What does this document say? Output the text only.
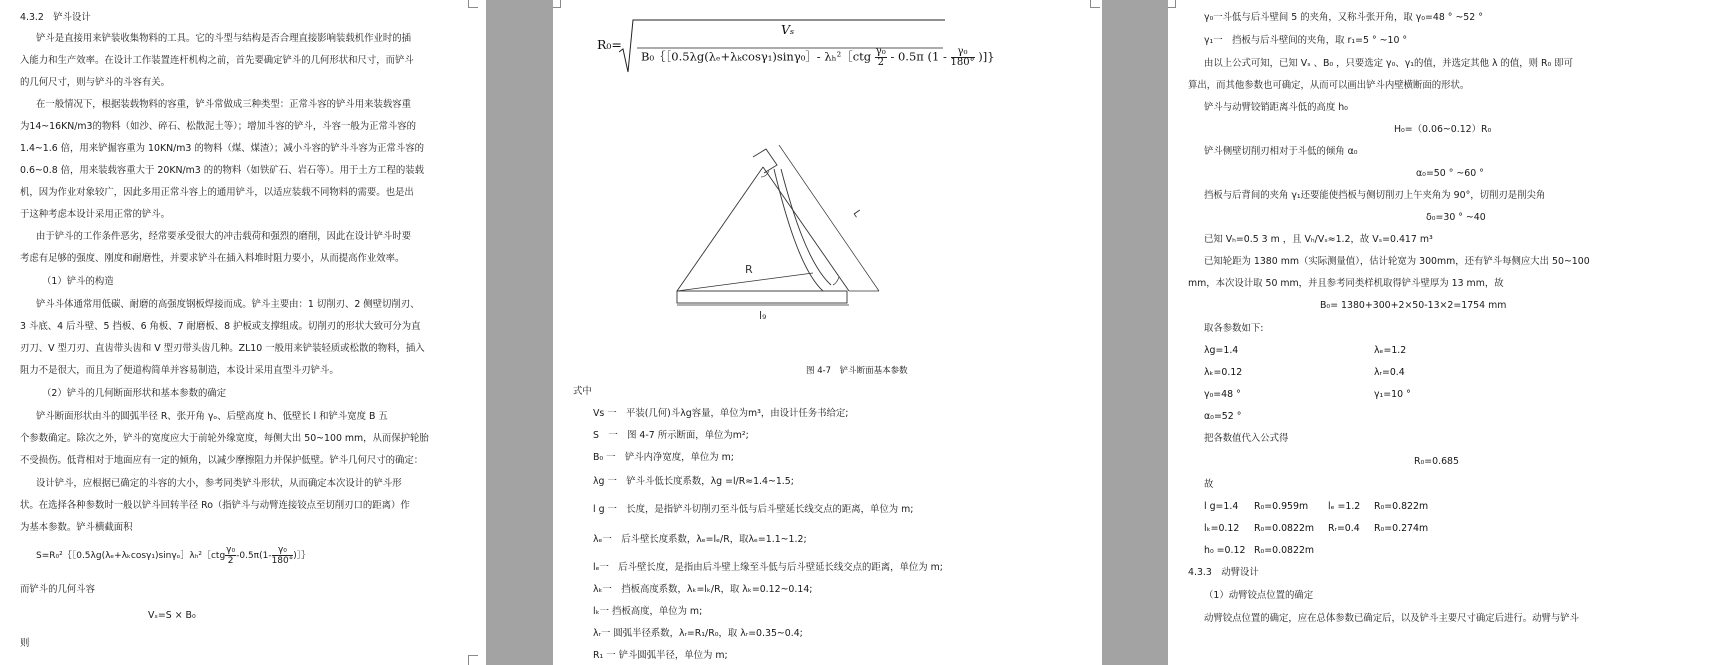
4.3.2　铲斗设计
铲斗是直接用来铲装收集物料的工具。它的斗型与结构是否合理直接影响装载机作业时的插
入能力和生产效率。在设计工作装置连杆机构之前，首先要确定铲斗的几何形状和尺寸，而铲斗
的几何尺寸，则与铲斗的斗容有关。
在一般情况下，根据装载物料的容重，铲斗常做成三种类型：正常斗容的铲斗用来装载容重
为14~16KN/m3的物料（如沙、碎石、松散泥土等）；增加斗容的铲斗，斗容一般为正常斗容的
1.4~1.6 倍，用来铲掘容重为 10KN/m3 的物料（煤、煤渣）；减小斗容的铲斗斗容为正常斗容的
0.6~0.8 倍，用来装载容重大于 20KN/m3 的的物料（如铁矿石、岩石等）。用于土方工程的装载
机，因为作业对象较广，因此多用正常斗容上的通用铲斗，以适应装载不同物料的需要。也是出
于这种考虑本设计采用正常的铲斗。
由于铲斗的工作条件恶劣，经常要承受很大的冲击载荷和强烈的磨削，因此在设计铲斗时要
考虑有足够的强度、刚度和耐磨性，并要求铲斗在插入料堆时阻力要小，从而提高作业效率。
（1）铲斗的构造
铲斗斗体通常用低碳、耐磨的高强度钢板焊接而成。铲斗主要由：1 切削刃、2 侧壁切削刃、
3 斗底、4 后斗壁、5 挡板、6 角板、7 耐磨板、8 护板或支撑组成。切削刃的形状大致可分为直
刃刀、V 型刀刃、直齿带头齿和 V 型刃带头齿几种。ZL10 一般用来铲装轻质或松散的物料，插入
阻力不是很大，而且为了便道构简单并容易制造，本设计采用直型斗刃铲斗。
（2）铲斗的几何断面形状和基本参数的确定
铲斗断面形状由斗的圆弧半径 R、张开角 γₒ、后壁高度 h、低壁长 l 和铲斗宽度 B 五
个参数确定。除次之外，铲斗的宽度应大于前轮外缘宽度，每侧大出 50~100 mm，从而保护轮胎
不受损伤。低背相对于地面应有一定的倾角，以减少摩擦阻力并保护低壁。铲斗几何尺寸的确定：
设计铲斗，应根据已确定的斗容的大小，参考同类铲斗形状，从而确定本次设计的铲斗形
状。在选择各种参数时一般以铲斗回转半径 Ro（指铲斗与动臂连接铰点至切削刃口的距离）作
为基本参数。铲斗横截面积
S=R₀²｛［0.5λg(λₑ+λₖcosγ₁)sinγₒ］λₕ²［ctg $\frac{\text{γ₀}}{2} -0.5\pi(1- \frac{\text{γ₀}}{180^\circ}$ )］｝
而铲斗的几何斗容
Vₛ=S × B₀
则
R₀=
Vₛ
B₀｛［0.5λg(λₑ+λₖcosγ₁)sinγ₀］- λₕ²［ctg $\frac{\text{γ₀}}{2} - 0.5\pi$ ($1 - \frac{\text{γ₀}}{180^\circ}$ )]}
R
l₉
L
图 4-7　铲斗断面基本参数
式中
Vs 一　平装(几何)斗λg容量，单位为m³，由设计任务书给定;
S　一　图 4-7 所示断面，单位为m²;
B₀ 一　铲斗内净宽度，单位为 m;
λg 一　铲斗斗低长度系数，λg =l/R≈1.4~1.5;
l g 一　长度，是指铲斗切削刃至斗低与后斗壁延长线交点的距离，单位为 m;
λₑ一　后斗壁长度系数，λₑ=lₑ/R，取λₑ=1.1~1.2;
lₑ一　后斗壁长度，是指由后斗壁上缘至斗低与后斗壁延长线交点的距离，单位为 m;
λₖ一　挡板高度系数，λₖ=lₖ/R，取 λₖ=0.12~0.14;
lₖ一 挡板高度，单位为 m;
λᵣ一 圆弧半径系数，λᵣ=R₁/R₀，取 λᵣ=0.35~0.4;
R₁ 一 铲斗圆弧半径，单位为 m;
γ₀一斗低与后斗壁间 5 的夹角，又称斗张开角，取 γ₀=48 ° ~52 °
γ₁一　挡板与后斗壁间的夹角，取 r₁=5 ° ~10 °
由以上公式可知，已知 Vₛ 、B₀ ，只要选定 γ₀、γ₁的值，并选定其他 λ 的值，则 R₀ 即可
算出，而其他参数也可确定，从而可以画出铲斗内壁横断面的形状。
铲斗与动臂铰销距离斗低的高度 h₀
H₀=（0.06~0.12）R₀
铲斗侧壁切削刃相对于斗低的倾角 α₀
α₀=50 ° ~60 °
挡板与后背间的夹角 γ₁还要能使挡板与侧切削刃上午夹角为 90°，切削刃是削尖角
δ₀=30 ° ~40
已知 Vₕ=0.5 3 m ，且 Vₕ/Vₛ≈1.2，故 Vₛ=0.417 m³
已知轮距为 1380 mm（实际测量值），估计轮宽为 300mm，还有铲斗每侧应大出 50~100
mm，本次设计取 50 mm，并且参考同类样机取得铲斗壁厚为 13 mm，故
B₀= 1380+300+2×50-13×2=1754 mm
取各参数如下:
λg=1.4	λₑ=1.2
λₖ=0.12	λᵣ=0.4
γ₀=48 °	γ₁=10 °
α₀=52 °
把各数值代入公式得
R₀=0.685
故
l g=1.4 R₀=0.959m lₑ =1.2 R₀=0.822m
lₖ=0.12 R₀=0.0822m Rᵣ=0.4 R₀=0.274m
h₀ =0.12 R₀=0.0822m
4.3.3　动臂设计
（1）动臂铰点位置的确定
动臂铰点位置的确定，应在总体参数已确定后，以及铲斗主要尺寸确定后进行。动臂与铲斗
